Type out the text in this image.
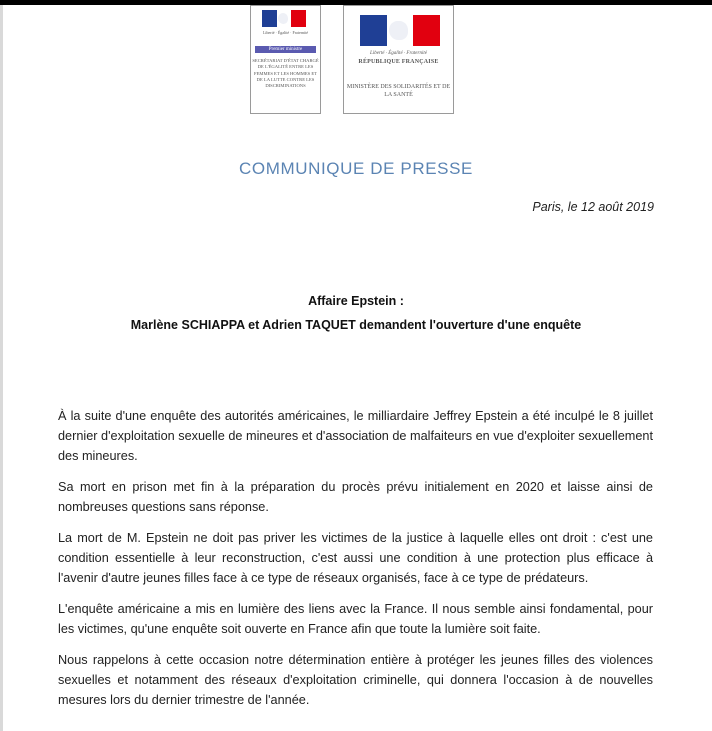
Liberté · Égalité · Fraternité
Premier ministre
SECRÉTARIAT D'ÉTAT CHARGÉ DE L'ÉGALITÉ ENTRE LES FEMMES ET LES HOMMES ET DE LA LUTTE CONTRE LES DISCRIMINATIONS
Liberté · Égalité · Fraternité
RÉPUBLIQUE FRANÇAISE
MINISTÈRE DES SOLIDARITÉS ET DE LA SANTÉ
COMMUNIQUE DE PRESSE
Paris, le 12 août 2019
Affaire Epstein :
Marlène SCHIAPPA et Adrien TAQUET demandent l'ouverture d'une enquête

À la suite d'une enquête des autorités américaines, le milliardaire Jeffrey Epstein a été inculpé le 8 juillet dernier d'exploitation sexuelle de mineures et d'association de malfaiteurs en vue d'exploiter sexuellement des mineures.

Sa mort en prison met fin à la préparation du procès prévu initialement en 2020 et laisse ainsi de nombreuses questions sans réponse.

La mort de M. Epstein ne doit pas priver les victimes de la justice à laquelle elles ont droit : c'est une condition essentielle à leur reconstruction, c'est aussi une condition à une protection plus efficace à l'avenir d'autre jeunes filles face à ce type de réseaux organisés, face à ce type de prédateurs.

L'enquête américaine a mis en lumière des liens avec la France. Il nous semble ainsi fondamental, pour les victimes, qu'une enquête soit ouverte en France afin que toute la lumière soit faite.

Nous rappelons à cette occasion notre détermination entière à protéger les jeunes filles des violences sexuelles et notamment des réseaux d'exploitation criminelle, qui donnera l'occasion à de nouvelles mesures lors du dernier trimestre de l'année.
